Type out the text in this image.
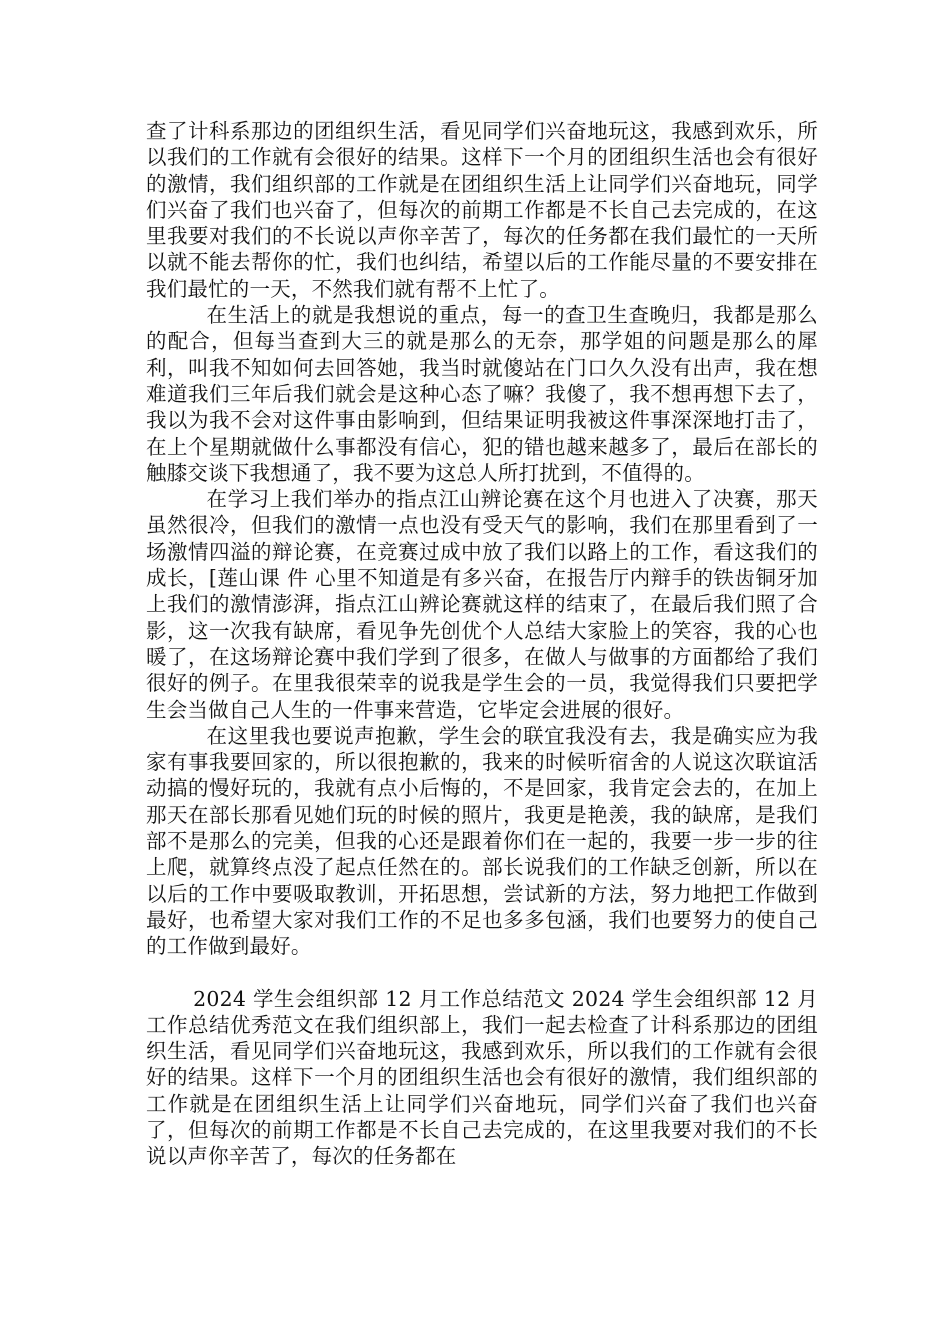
查了计科系那边的团组织生活，看见同学们兴奋地玩这，我感到欢乐，所以我们的工作就有会很好的结果。这样下一个月的团组织生活也会有很好的激情，我们组织部的工作就是在团组织生活上让同学们兴奋地玩，同学们兴奋了我们也兴奋了，但每次的前期工作都是不长自己去完成的，在这里我要对我们的不长说以声你辛苦了，每次的任务都在我们最忙的一天所以就不能去帮你的忙，我们也纠结，希望以后的工作能尽量的不要安排在我们最忙的一天，不然我们就有帮不上忙了。

在生活上的就是我想说的重点，每一的查卫生查晚归，我都是那么的配合，但每当查到大三的就是那么的无奈，那学姐的问题是那么的犀利，叫我不知如何去回答她，我当时就傻站在门口久久没有出声，我在想难道我们三年后我们就会是这种心态了嘛？我傻了，我不想再想下去了，我以为我不会对这件事由影响到，但结果证明我被这件事深深地打击了，在上个星期就做什么事都没有信心，犯的错也越来越多了，最后在部长的触膝交谈下我想通了，我不要为这总人所打扰到，不值得的。

在学习上我们举办的指点江山辨论赛在这个月也进入了决赛，那天虽然很冷，但我们的激情一点也没有受天气的影响，我们在那里看到了一场激情四溢的辩论赛，在竞赛过成中放了我们以路上的工作，看这我们的成长，[莲山课 件 心里不知道是有多兴奋，在报告厅内辩手的铁齿铜牙加上我们的激情澎湃，指点江山辨论赛就这样的结束了，在最后我们照了合影，这一次我有缺席，看见争先创优个人总结大家脸上的笑容，我的心也暖了，在这场辩论赛中我们学到了很多，在做人与做事的方面都给了我们很好的例子。在里我很荣幸的说我是学生会的一员，我觉得我们只要把学生会当做自己人生的一件事来营造，它毕定会进展的很好。

在这里我也要说声抱歉，学生会的联宜我没有去，我是确实应为我家有事我要回家的，所以很抱歉的，我来的时候听宿舍的人说这次联谊活动搞的慢好玩的，我就有点小后悔的，不是回家，我肯定会去的，在加上那天在部长那看见她们玩的时候的照片，我更是艳羡，我的缺席，是我们部不是那么的完美，但我的心还是跟着你们在一起的，我要一步一步的往上爬，就算终点没了起点任然在的。部长说我们的工作缺乏创新，所以在以后的工作中要吸取教训，开拓思想，尝试新的方法，努力地把工作做到最好，也希望大家对我们工作的不足也多多包涵，我们也要努力的使自己的工作做到最好。

2024 学生会组织部 12 月工作总结范文 2024 学生会组织部 12 月工作总结优秀范文在我们组织部上，我们一起去检查了计科系那边的团组织生活，看见同学们兴奋地玩这，我感到欢乐，所以我们的工作就有会很好的结果。这样下一个月的团组织生活也会有很好的激情，我们组织部的工作就是在团组织生活上让同学们兴奋地玩，同学们兴奋了我们也兴奋了，但每次的前期工作都是不长自己去完成的，在这里我要对我们的不长说以声你辛苦了，每次的任务都在
